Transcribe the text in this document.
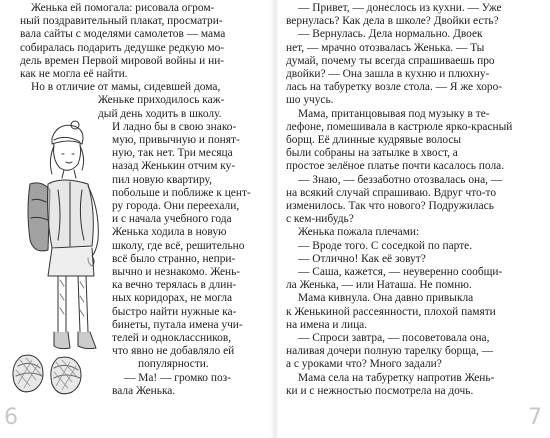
Женька ей помогала: рисовала огром-
ный поздравительный плакат, просматри-
вала сайты с моделями самолетов — мама
собиралась подарить дедушке редкую мо-
дель времен Первой мировой войны и ни-
как не могла её найти.
Но в отличие от мамы, сидевшей дома,
Женьке приходилось каж-
дый день ходить в школу.
И ладно бы в свою знако-
мую, привычную и понят-
ную, так нет. Три месяца
назад Женькин отчим ку-
пил новую квартиру,
побольше и поближе к цент-
ру города. Они переехали,
и с начала учебного года
Женька ходила в новую
школу, где всё, решительно
всё было странно, непри-
вычно и незнакомо. Жень-
ка вечно терялась в длин-
ных коридорах, не могла
быстро найти нужные ка-
бинеты, путала имена учи-
телей и одноклассников,
что явно не добавляло ей
популярности.
— Ма! — громко поз-
вала Женька.
6
— Привет, — донеслось из кухни. — Уже
вернулась? Как дела в школе? Двойки есть?
— Вернулась. Дела нормально. Двоек
нет, — мрачно отозвалась Женька. — Ты
думай, почему ты всегда спрашиваешь про
двойки? — Она зашла в кухню и плюхну-
лась на табуретку возле стола. — Я же хоро-
шо учусь.
Мама, пританцовывая под музыку в те-
лефоне, помешивала в кастрюле ярко-красный
борщ. Её длинные кудрявые волосы
были собраны на затылке в хвост, а
простое зелёное платье почти касалось пола.
— Знаю, — беззаботно отозвалась она, —
на всякий случай спрашиваю. Вдруг что-то
изменилось. Так что нового? Подружилась
с кем-нибудь?
Женька пожала плечами:
— Вроде того. С соседкой по парте.
— Отлично! Как её зовут?
— Саша, кажется, — неуверенно сообщи-
ла Женька, — или Наташа. Не помню.
Мама кивнула. Она давно привыкла
к Женькиной рассеянности, плохой памяти
на имена и лица.
— Спроси завтра, — посоветовала она,
наливая дочери полную тарелку борща, —
а с уроками что? Много задали?
Мама села на табуретку напротив Жень-
ки и с нежностью посмотрела на дочь.
7
